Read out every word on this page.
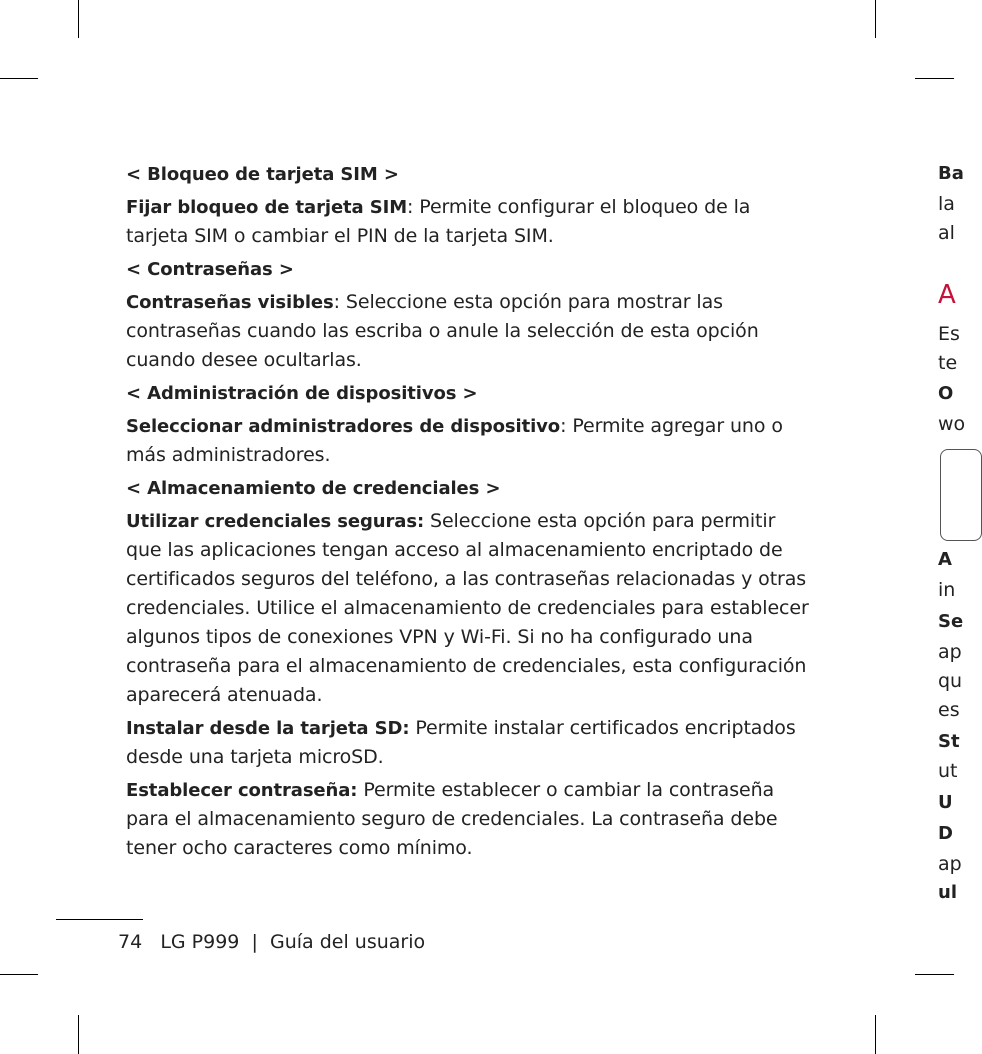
< Bloqueo de tarjeta SIM >

Fijar bloqueo de tarjeta SIM: Permite configurar el bloqueo de la tarjeta SIM o cambiar el PIN de la tarjeta SIM.

< Contraseñas >

Contraseñas visibles: Seleccione esta opción para mostrar las contraseñas cuando las escriba o anule la selección de esta opción cuando desee ocultarlas.

< Administración de dispositivos >

Seleccionar administradores de dispositivo: Permite agregar uno o más administradores.

< Almacenamiento de credenciales >

Utilizar credenciales seguras: Seleccione esta opción para permitir que las aplicaciones tengan acceso al almacenamiento encriptado de certificados seguros del teléfono, a las contraseñas relacionadas y otras credenciales. Utilice el almacenamiento de credenciales para establecer algunos tipos de conexiones VPN y Wi-Fi. Si no ha configurado una contraseña para el almacenamiento de credenciales, esta configuración aparecerá atenuada.

Instalar desde la tarjeta SD: Permite instalar certificados encriptados desde una tarjeta microSD.

Establecer contraseña: Permite establecer o cambiar la contraseña para el almacenamiento seguro de credenciales. La contraseña debe tener ocho caracteres como mínimo.

74 LG P999 | Guía del usuario
Ba
la
al
A
Es
te
O
wo
A
in
Se
ap
qu
es
St
ut
U
D
ap
ul
